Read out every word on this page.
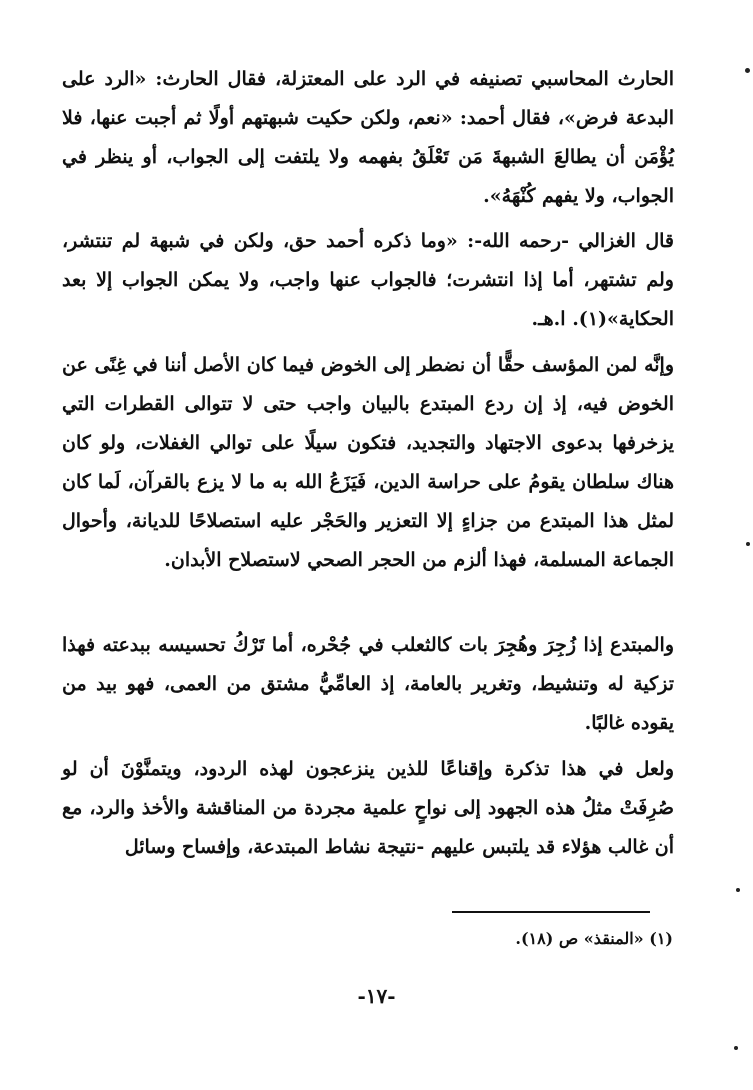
الحارث المحاسبي تصنيفه في الرد على المعتزلة، فقال الحارث: «الرد على البدعة فرض»، فقال أحمد: «نعم، ولكن حكيت شبهتهم أولًا ثم أجبت عنها، فلا يُؤْمَن أن يطالعَ الشبهةَ مَن تَعْلَقُ بفهمه ولا يلتفت إلى الجواب، أو ينظر في الجواب، ولا يفهم كُنْهَهُ».

قال الغزالي -رحمه الله-: «وما ذكره أحمد حق، ولكن في شبهة لم تنتشر، ولم تشتهر، أما إذا انتشرت؛ فالجواب عنها واجب، ولا يمكن الجواب إلا بعد الحكاية»(١). ا.هـ.

وإنَّه لمن المؤسف حقًّا أن نضطر إلى الخوض فيما كان الأصل أننا في غِنًى عن الخوض فيه، إذ إن ردع المبتدع بالبيان واجب حتى لا تتوالى القطرات التي يزخرفها بدعوى الاجتهاد والتجديد، فتكون سيلًا على توالي الغفلات، ولو كان هناك سلطان يقومُ على حراسة الدين، فَيَزَعُ الله به ما لا يزع بالقرآن، لَما كان لمثل هذا المبتدع من جزاءٍ إلا التعزير والحَجْر عليه استصلاحًا للديانة، وأحوال الجماعة المسلمة، فهذا ألزم من الحجر الصحي لاستصلاح الأبدان.

والمبتدع إذا زُجِرَ وهُجِرَ بات كالثعلب في جُحْره، أما تَرْكُ تحسيسه ببدعته فهذا تزكية له وتنشيط، وتغرير بالعامة، إذ العامِّيُّ مشتق من العمى، فهو بيد من يقوده غالبًا.

ولعل في هذا تذكرة وإقناعًا للذين ينزعجون لهذه الردود، ويتمنَّوْنَ أن لو صُرِفَتْ مثلُ هذه الجهود إلى نواحٍ علمية مجردة من المناقشة والأخذ والرد، مع أن غالب هؤلاء قد يلتبس عليهم -نتيجة نشاط المبتدعة، وإفساح وسائل

(١) «المنقذ» ص (١٨).
-١٧-
